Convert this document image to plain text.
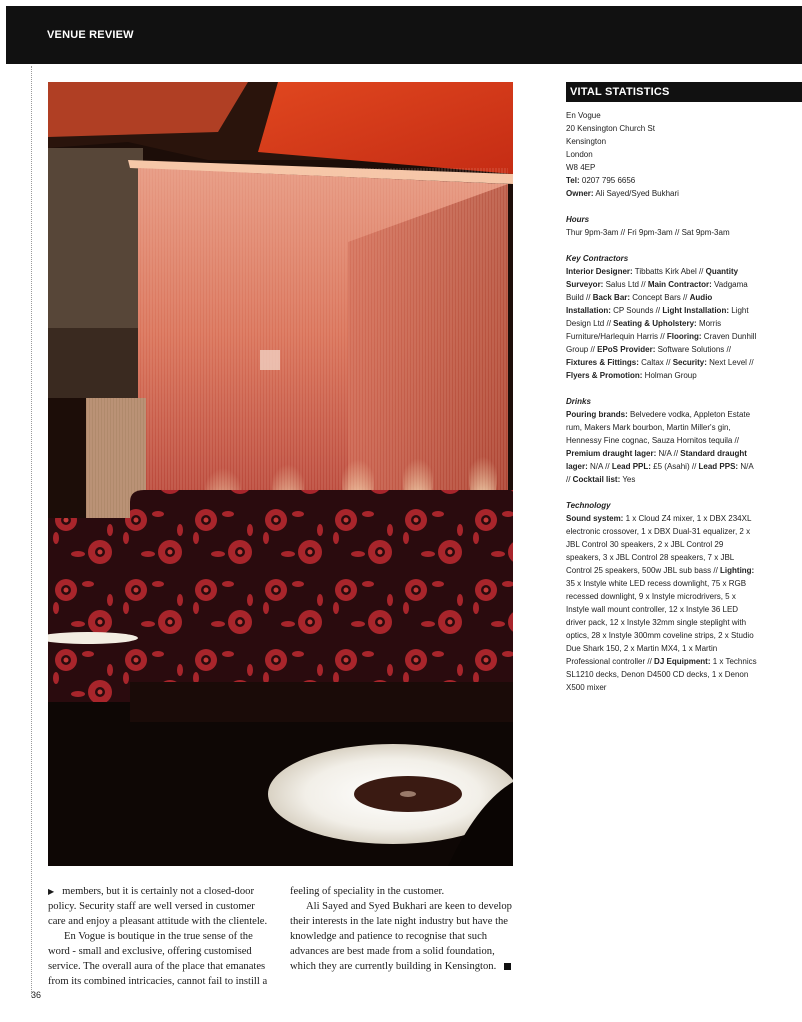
VENUE REVIEW
VITAL STATISTICS
En Vogue
20 Kensington Church St
Kensington
London
W8 4EP
Tel: 0207 795 6656
Owner: Ali Sayed/Syed Bukhari
Hours

Thur 9pm-3am // Fri 9pm-3am // Sat 9pm-3am

Key Contractors

Interior Designer: Tibbatts Kirk Abel // Quantity Surveyor: Salus Ltd // Main Contractor: Vadgama Build // Back Bar: Concept Bars // Audio Installation: CP Sounds // Light Installation: Light Design Ltd // Seating & Upholstery: Morris Furniture/Harlequin Harris // Flooring: Craven Dunhill Group // EPoS Provider: Software Solutions // Fixtures & Fittings: Caltax // Security: Next Level // Flyers & Promotion: Holman Group

Drinks

Pouring brands: Belvedere vodka, Appleton Estate rum, Makers Mark bourbon, Martin Miller's gin, Hennessy Fine cognac, Sauza Hornitos tequila // Premium draught lager: N/A // Standard draught lager: N/A // Lead PPL: £5 (Asahi) // Lead PPS: N/A // Cocktail list: Yes

Technology

Sound system: 1 x Cloud Z4 mixer, 1 x DBX 234XL electronic crossover, 1 x DBX Dual-31 equalizer, 2 x JBL Control 30 speakers, 2 x JBL Control 29 speakers, 3 x JBL Control 28 speakers, 7 x JBL Control 25 speakers, 500w JBL sub bass // Lighting: 35 x Instyle white LED recess downlight, 75 x RGB recessed downlight, 9 x Instyle microdrivers, 5 x Instyle wall mount controller, 12 x Instyle 36 LED driver pack, 12 x Instyle 32mm single steplight with optics, 28 x Instyle 300mm coveline strips, 2 x Studio Due Shark 150, 2 x Martin MX4, 1 x Martin Professional controller // DJ Equipment: 1 x Technics SL1210 decks, Denon D4500 CD decks, 1 x Denon X500 mixer

▶ members, but it is certainly not a closed-door policy. Security staff are well versed in customer care and enjoy a pleasant attitude with the clientele.

En Vogue is boutique in the true sense of the word - small and exclusive, offering customised service. The overall aura of the place that emanates from its combined intricacies, cannot fail to instill a

feeling of speciality in the customer.

Ali Sayed and Syed Bukhari are keen to develop their interests in the late night industry but have the knowledge and patience to recognise that such advances are best made from a solid foundation, which they are currently building in Kensington.

36
